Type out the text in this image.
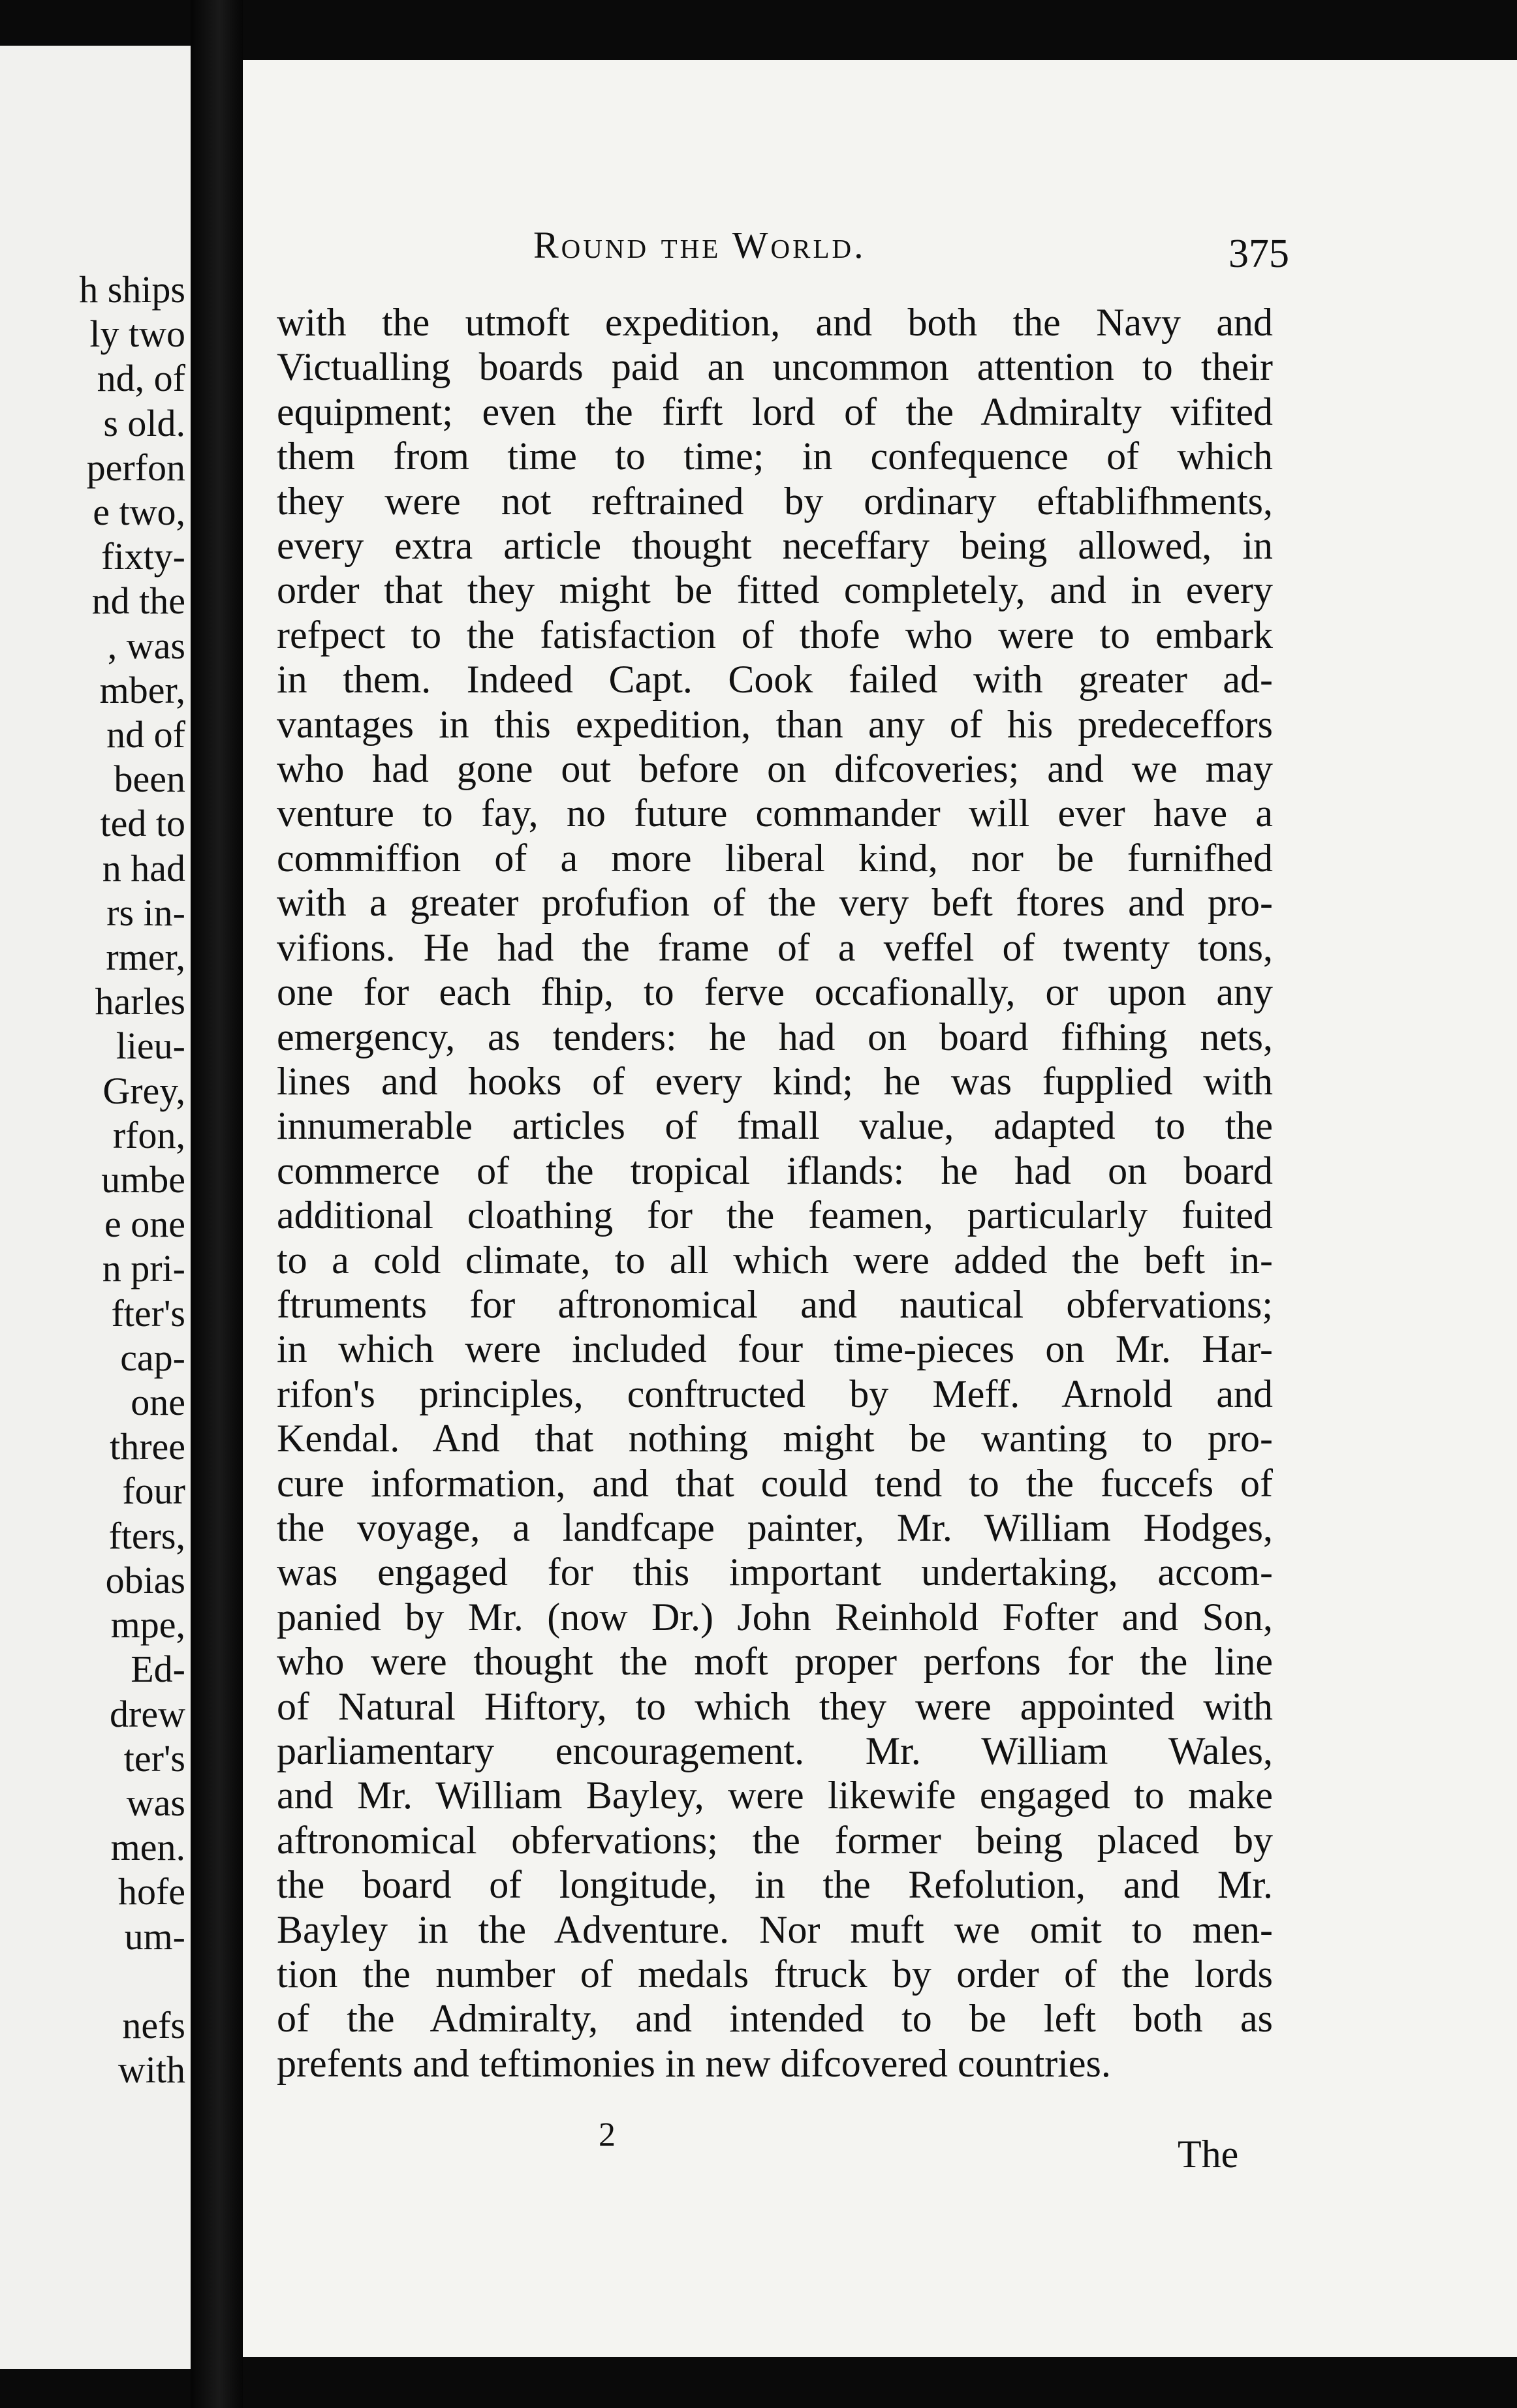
h ships
ly two
nd, of
s old.
perfon
e two,
fixty-
nd the
, was
mber,
nd of
been
ted to
n had
rs in-
rmer,
harles
lieu-
Grey,
rfon,
umbe
e one
n pri-
fter's
cap-
one
three
four
fters,
obias
mpe,
Ed-
drew
ter's
was
men.
hofe
um-

nefs
with
Round the World.	375
with the utmoft expedition, and both the Navy and
Victualling boards paid an uncommon attention to their
equipment; even the firft lord of the Admiralty vifited
them from time to time; in confequence of which
they were not reftrained by ordinary eftablifhments,
every extra article thought neceffary being allowed, in
order that they might be fitted completely, and in every
refpect to the fatisfaction of thofe who were to embark
in them. Indeed Capt. Cook failed with greater ad-
vantages in this expedition, than any of his predeceffors
who had gone out before on difcoveries; and we may
venture to fay, no future commander will ever have a
commiffion of a more liberal kind, nor be furnifhed
with a greater profufion of the very beft ftores and pro-
vifions. He had the frame of a veffel of twenty tons,
one for each fhip, to ferve occafionally, or upon any
emergency, as tenders: he had on board fifhing nets,
lines and hooks of every kind; he was fupplied with
innumerable articles of fmall value, adapted to the
commerce of the tropical iflands: he had on board
additional cloathing for the feamen, particularly fuited
to a cold climate, to all which were added the beft in-
ftruments for aftronomical and nautical obfervations;
in which were included four time-pieces on Mr. Har-
rifon's principles, conftructed by Meff. Arnold and
Kendal. And that nothing might be wanting to pro-
cure information, and that could tend to the fuccefs of
the voyage, a landfcape painter, Mr. William Hodges,
was engaged for this important undertaking, accom-
panied by Mr. (now Dr.) John Reinhold Fofter and Son,
who were thought the moft proper perfons for the line
of Natural Hiftory, to which they were appointed with
parliamentary encouragement. Mr. William Wales,
and Mr. William Bayley, were likewife engaged to make
aftronomical obfervations; the former being placed by
the board of longitude, in the Refolution, and Mr.
Bayley in the Adventure. Nor muft we omit to men-
tion the number of medals ftruck by order of the lords
of the Admiralty, and intended to be left both as
prefents and teftimonies in new difcovered countries.
2	The
